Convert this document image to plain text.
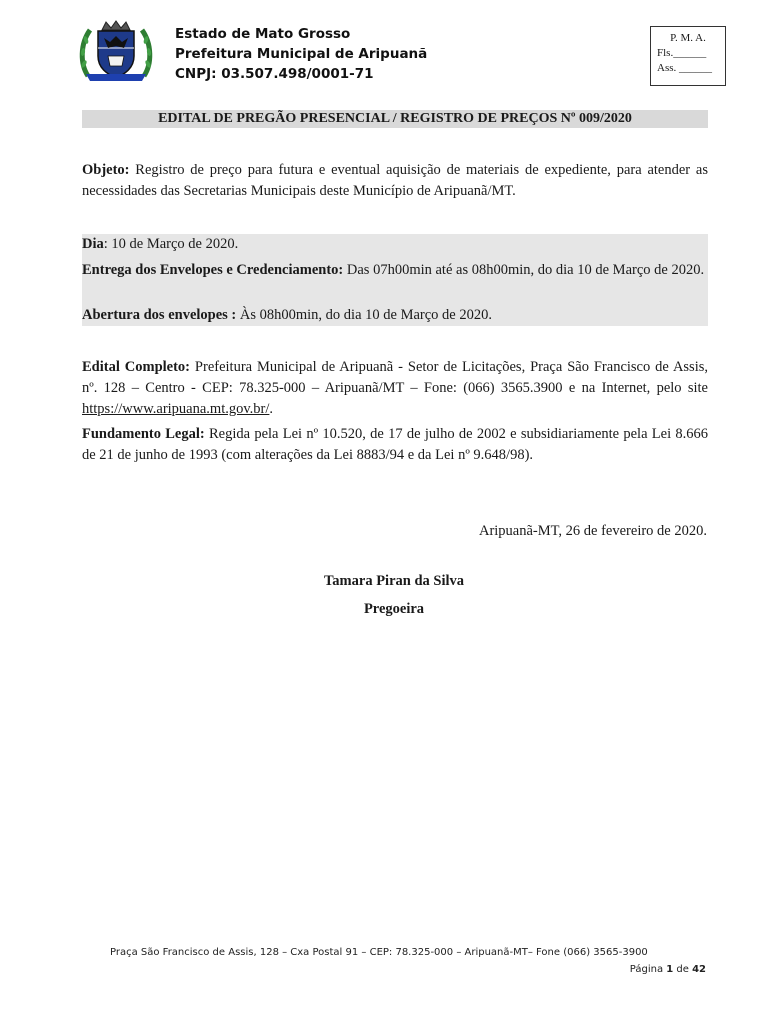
Estado de Mato Grosso
Prefeitura Municipal de Aripuanã
CNPJ: 03.507.498/0001-71
P. M. A.
Fls.______
Ass. ______
EDITAL DE PREGÃO PRESENCIAL / REGISTRO DE PREÇOS Nº 009/2020
Objeto: Registro de preço para futura e eventual aquisição de materiais de expediente, para atender as necessidades das Secretarias Municipais deste Município de Aripuanã/MT.
Dia: 10 de Março de 2020.
Entrega dos Envelopes e Credenciamento: Das 07h00min até as 08h00min, do dia 10 de Março de 2020.
Abertura dos envelopes : Às 08h00min, do dia 10 de Março de 2020.
Edital Completo: Prefeitura Municipal de Aripuanã - Setor de Licitações, Praça São Francisco de Assis, nº. 128 – Centro - CEP: 78.325-000 – Aripuanã/MT – Fone: (066) 3565.3900 e na Internet, pelo site https://www.aripuana.mt.gov.br/.
Fundamento Legal: Regida pela Lei nº 10.520, de 17 de julho de 2002 e subsidiariamente pela Lei 8.666 de 21 de junho de 1993 (com alterações da Lei 8883/94 e da Lei nº 9.648/98).
Aripuanã-MT, 26 de fevereiro de 2020.
Tamara Piran da Silva
Pregoeira
Praça São Francisco de Assis, 128 – Cxa Postal 91 – CEP: 78.325-000 – Aripuanã-MT– Fone (066) 3565-3900
Página 1 de 42
